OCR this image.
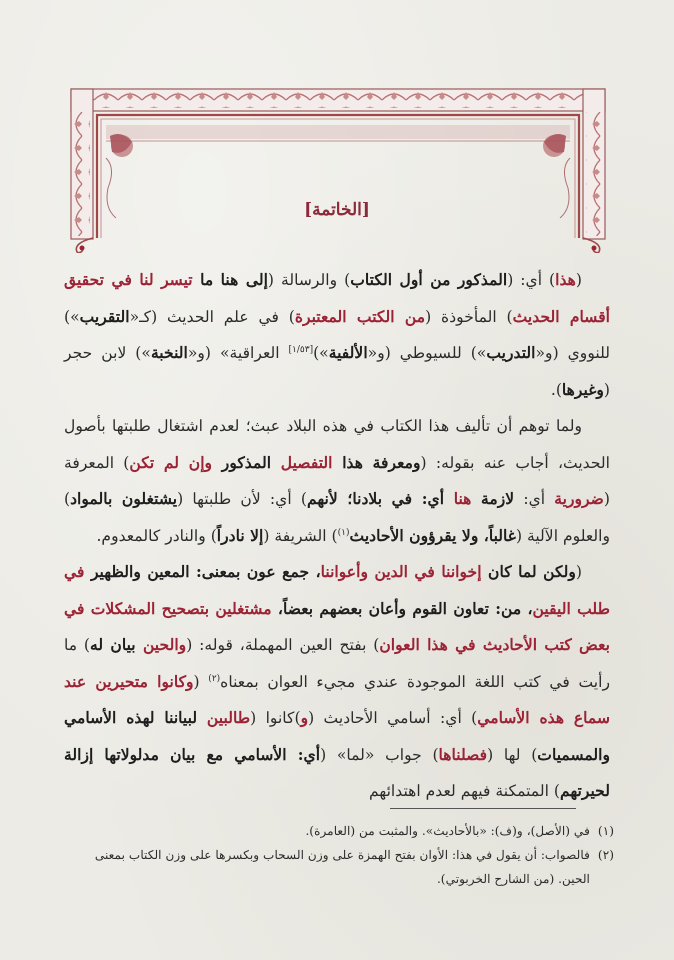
[الخاتمة]

(هذا) أي: (المذكور من أول الكتاب) والرسالة (إلى هنا ما تيسر لنا في تحقيق أقسام الحديث) المأخوذة (من الكتب المعتبرة) في علم الحديث (كـ«التقريب») للنووي (و«التدريب») للسيوطي (و«الألفية»)[١/٥٣] العراقية» (و«النخبة») لابن حجر (وغيرها).

ولما توهم أن تأليف هذا الكتاب في هذه البلاد عبث؛ لعدم اشتغال طلبتها بأصول الحديث، أجاب عنه بقوله: (ومعرفة هذا التفصيل المذكور وإن لم تكن) المعرفة (ضرورية أي: لازمة هنا أي: في بلادنا؛ لأنهم) أي: لأن طلبتها (يشتغلون بالمواد) والعلوم الآلية (غالباً، ولا يقرؤون الأحاديث$^{(١)}$) الشريفة (إلا نادراً) والنادر كالمعدوم.

(ولكن لما كان إخواننا في الدين وأعواننا، جمع عون بمعنى: المعين والظهير في طلب اليقين، من: تعاون القوم وأعان بعضهم بعضاً، مشتغلين بتصحيح المشكلات في بعض كتب الأحاديث في هذا العوان) بفتح العين المهملة، قوله: (والحين بيان له) ما رأيت في كتب اللغة الموجودة عندي مجيء العوان بمعناه$^{(٢)}$ (وكانوا متحيرين عند سماع هذه الأسامي) أي: أسامي الأحاديث (و)كانوا (طالبين لبياننا لهذه الأسامي والمسميات) لها (فصلناها) جواب «لما» (أي: الأسامي مع بيان مدلولاتها إزالة لحيرتهم) المتمكنة فيهم لعدم اهتدائهم

(١)
في (الأصل)، و(ف): «بالأحاديث». والمثبت من (العامرة).

(٢)
فالصواب: أن يقول في هذا: الأوان بفتح الهمزة على وزن السحاب وبكسرها على وزن الكتاب بمعنى الحين. (من الشارح الخربوتي).
